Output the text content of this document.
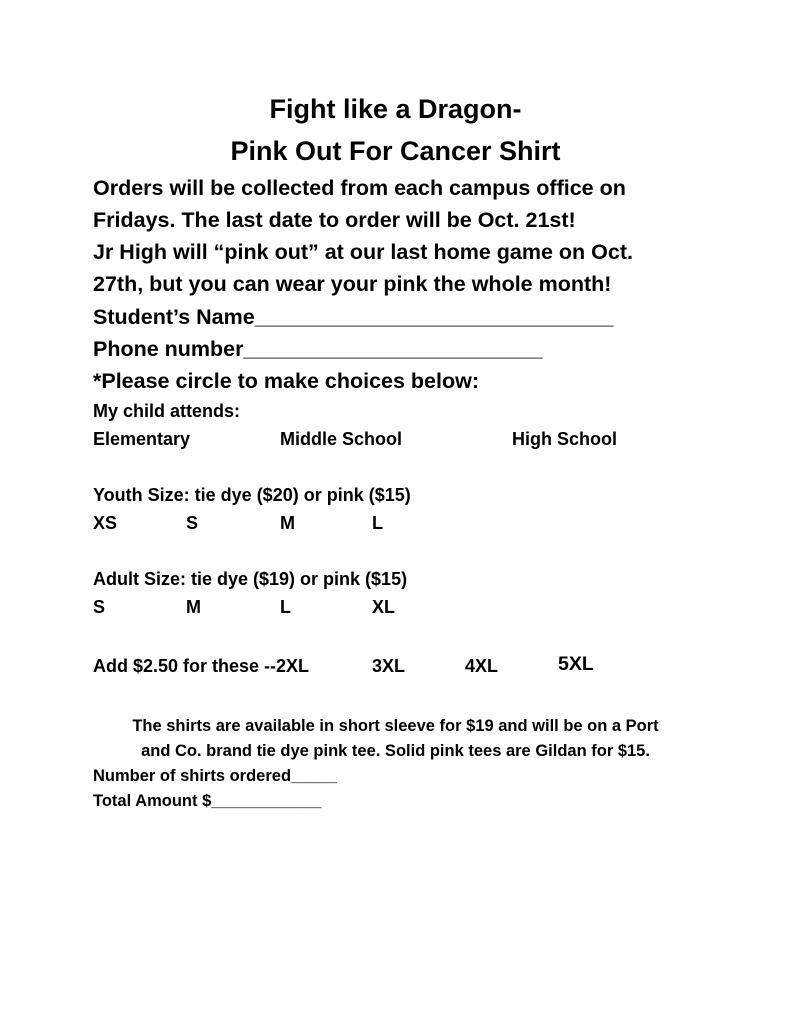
Fight like a Dragon-
Pink Out For Cancer Shirt
Orders will be collected from each campus office on
Fridays. The last date to order will be Oct. 21st!
Jr High will “pink out” at our last home game on Oct.
27th, but you can wear your pink the whole month!
Student’s Name______________________________
Phone number_________________________
*Please circle to make choices below:
My child attends:
Elementary	Middle School	High School
Youth Size: tie dye ($20) or pink ($15)
XS	S	M	L
Adult Size: tie dye ($19) or pink ($15)
S	M	L	XL
Add $2.50 for these --2XL	3XL	4XL	5XL
The shirts are available in short sleeve for $19 and will be on a Port
and Co. brand tie dye pink tee. Solid pink tees are Gildan for $15.
Number of shirts ordered_____
Total Amount $____________
